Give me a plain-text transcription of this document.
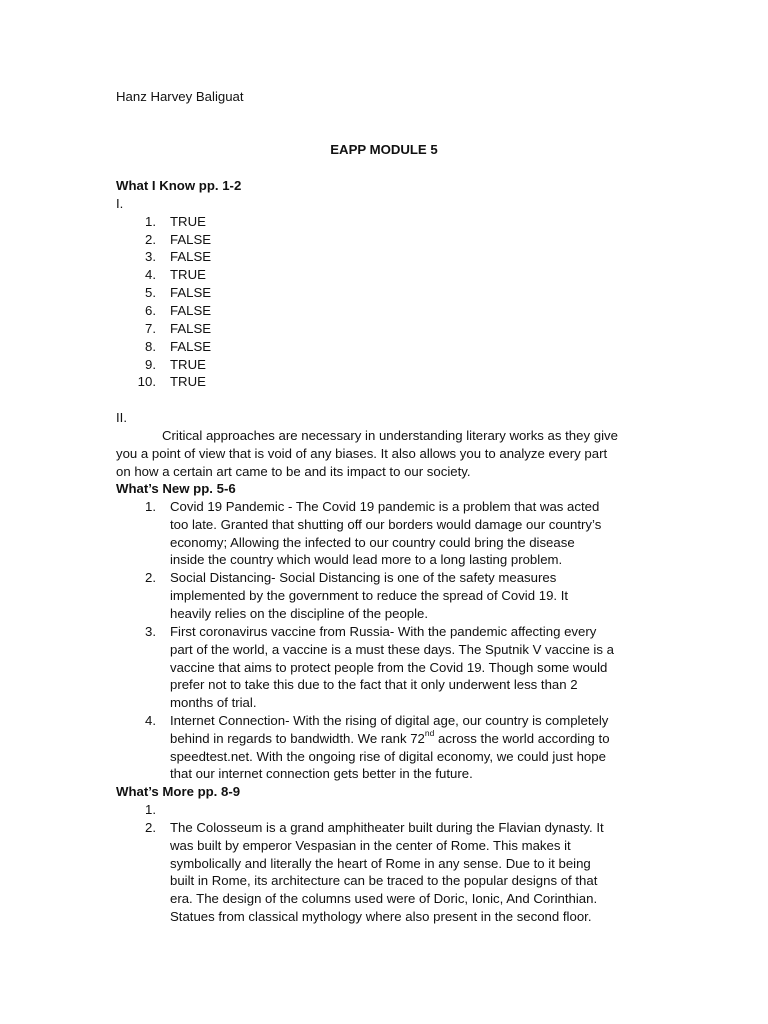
Hanz Harvey Baliguat
EAPP MODULE 5
What I Know pp. 1-2
I.
1. TRUE
2. FALSE
3. FALSE
4. TRUE
5. FALSE
6. FALSE
7. FALSE
8. FALSE
9. TRUE
10. TRUE
II.
Critical approaches are necessary in understanding literary works as they give
you a point of view that is void of any biases. It also allows you to analyze every part
on how a certain art came to be and its impact to our society.
What’s New pp. 5-6
1. Covid 19 Pandemic - The Covid 19 pandemic is a problem that was acted
too late. Granted that shutting off our borders would damage our country’s
economy; Allowing the infected to our country could bring the disease
inside the country which would lead more to a long lasting problem.
2. Social Distancing- Social Distancing is one of the safety measures
implemented by the government to reduce the spread of Covid 19. It
heavily relies on the discipline of the people.
3. First coronavirus vaccine from Russia- With the pandemic affecting every
part of the world, a vaccine is a must these days. The Sputnik V vaccine is a
vaccine that aims to protect people from the Covid 19. Though some would
prefer not to take this due to the fact that it only underwent less than 2
months of trial.
4. Internet Connection- With the rising of digital age, our country is completely
behind in regards to bandwidth. We rank 72nd across the world according to
speedtest.net. With the ongoing rise of digital economy, we could just hope
that our internet connection gets better in the future.
What’s More pp. 8-9
1.
2. The Colosseum is a grand amphitheater built during the Flavian dynasty. It
was built by emperor Vespasian in the center of Rome. This makes it
symbolically and literally the heart of Rome in any sense. Due to it being
built in Rome, its architecture can be traced to the popular designs of that
era. The design of the columns used were of Doric, Ionic, And Corinthian.
Statues from classical mythology where also present in the second floor.
